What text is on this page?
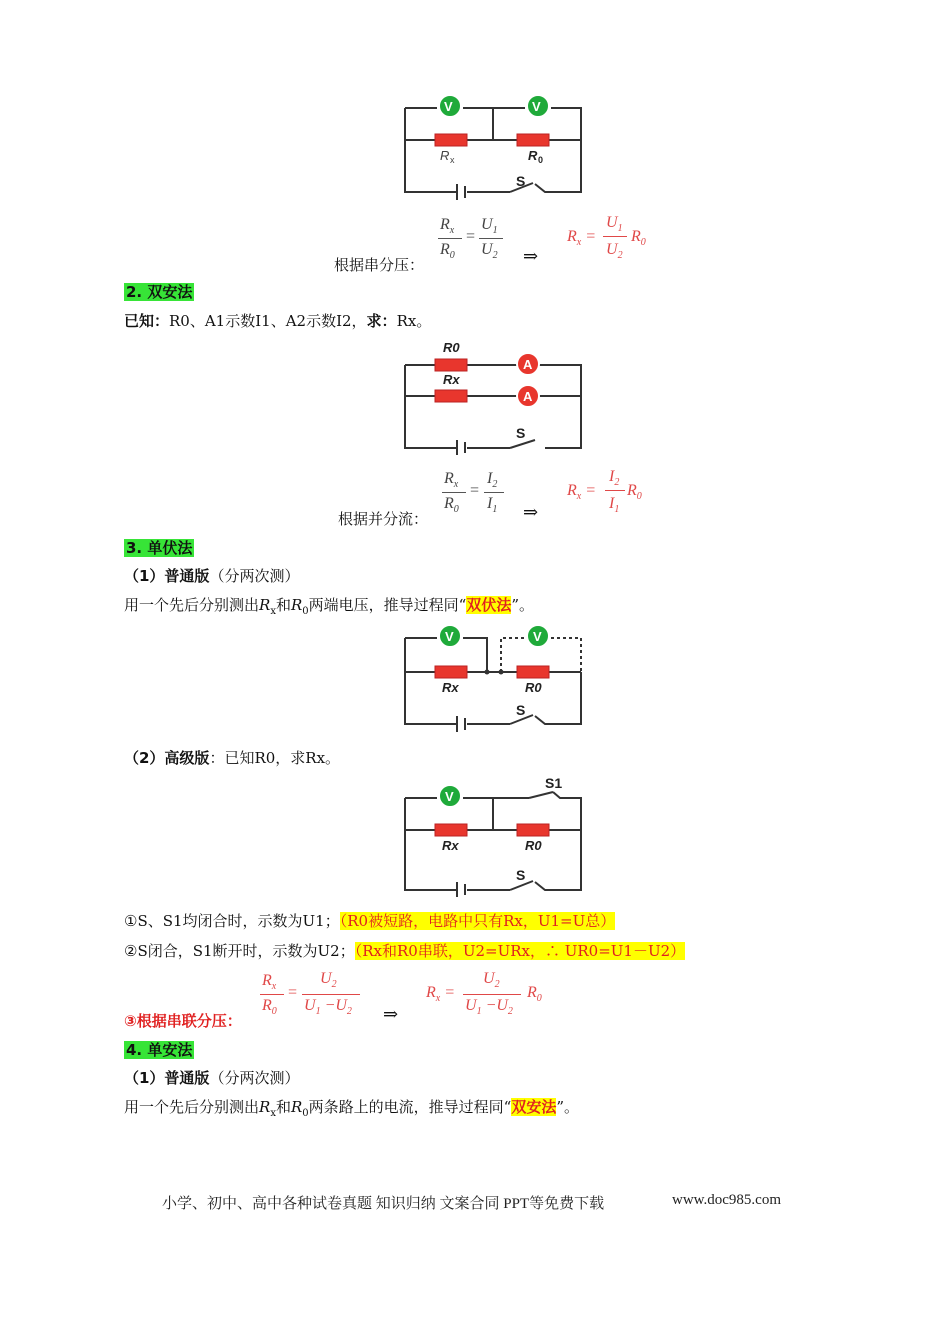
V	V
R x	R 0
S
根据串分压：
$R_x$
$R_0$
=
$U_1$
$U_2$ ⇒
$R_x$ =
$U_1$
$U_2$
$R_0$
2. 双安法
已知：R0、A1示数I1、A2示数I2，求：Rx。
A
A
R0
Rx
S
根据并分流：
$R_x$
$R_0$
=
$I_2$
$I_1$ ⇒
$R_x$ =
$I_2$
$I_1$
$R_0$
3. 单伏法
（1）普通版（分两次测）
用一个先后分别测出$R_x$和$R_0$两端电压，推导过程同“双伏法”。
V	V
Rx	R0
S
（2）高级版：已知R0，求Rx。
V
Rx	R0
S
S1
①S、S1均闭合时，示数为U1；（R0被短路，电路中只有Rx，U1=U总）
②S闭合，S1断开时，示数为U2；（Rx和R0串联，U2=URx，∴ UR0=U1－U2）
③根据串联分压：
$R_x$
$R_0$
=
$U_2$
$U_1 -U_2$ ⇒
$R_x$ =
$U_2$
$U_1 -U_2$
$R_0$
4. 单安法
（1）普通版（分两次测）
用一个先后分别测出$R_x$和$R_0$两条路上的电流，推导过程同“双安法”。
小学、初中、高中各种试卷真题 知识归纳 文案合同 PPT等免费下载	www.doc985.com
